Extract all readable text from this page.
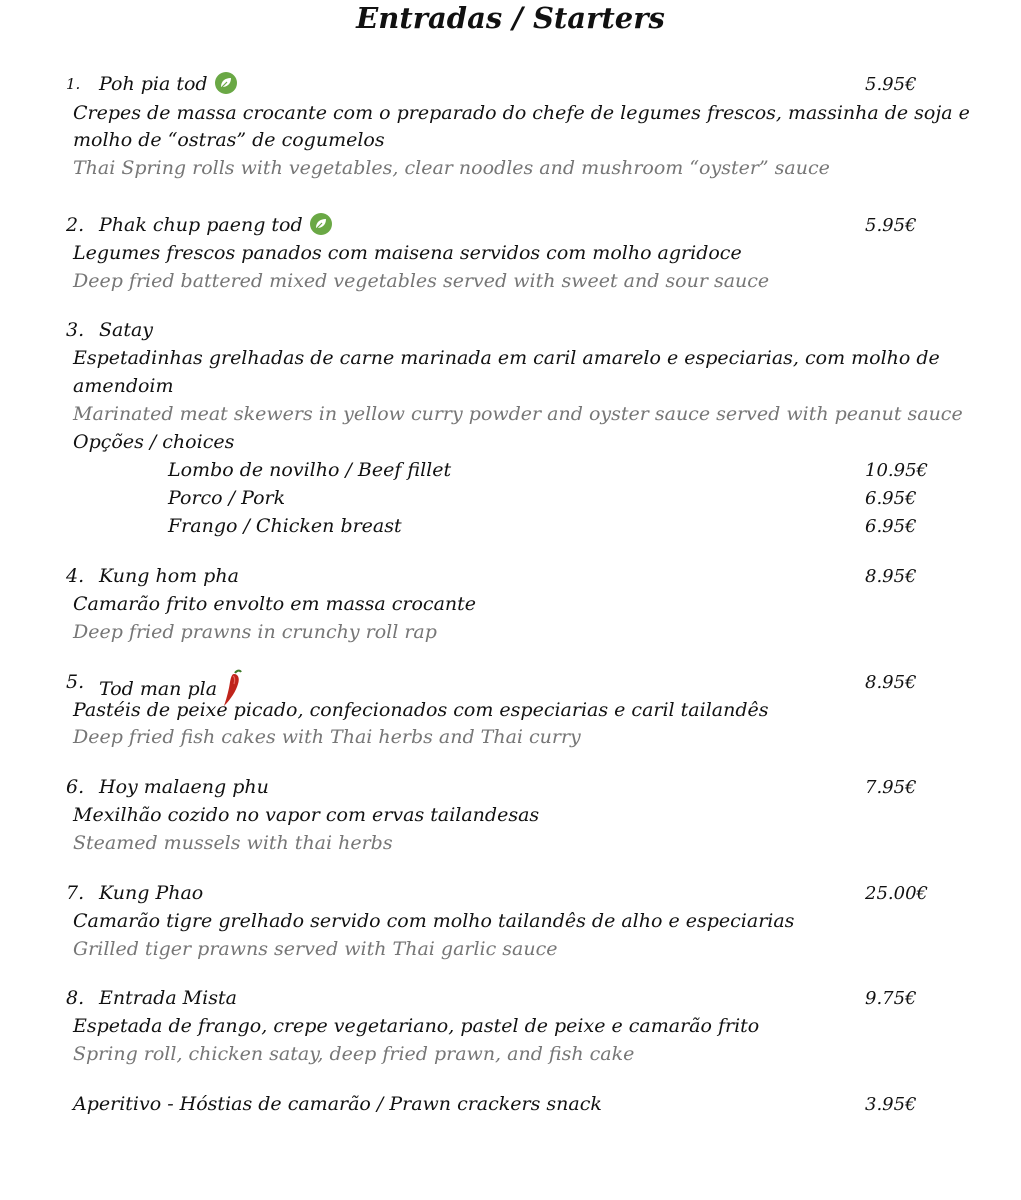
Entradas / Starters
1. Poh pia tod	5.95€
Crepes de massa crocante com o preparado do chefe de legumes frescos, massinha de soja e
molho de “ostras” de cogumelos
Thai Spring rolls with vegetables, clear noodles and mushroom “oyster” sauce
2. Phak chup paeng tod	5.95€
Legumes frescos panados com maisena servidos com molho agridoce
Deep fried battered mixed vegetables served with sweet and sour sauce
3. Satay
Espetadinhas grelhadas de carne marinada em caril amarelo e especiarias, com molho de
amendoim
Marinated meat skewers in yellow curry powder and oyster sauce served with peanut sauce
Opções / choices
Lombo de novilho / Beef fillet	10.95€
Porco / Pork	6.95€
Frango / Chicken breast	6.95€
4. Kung hom pha	8.95€
Camarão frito envolto em massa crocante
Deep fried prawns in crunchy roll rap
5. Tod man pla	8.95€
Pastéis de peixe picado, confecionados com especiarias e caril tailandês
Deep fried fish cakes with Thai herbs and Thai curry
6. Hoy malaeng phu	7.95€
Mexilhão cozido no vapor com ervas tailandesas
Steamed mussels with thai herbs
7. Kung Phao	25.00€
Camarão tigre grelhado servido com molho tailandês de alho e especiarias
Grilled tiger prawns served with Thai garlic sauce
8. Entrada Mista	9.75€
Espetada de frango, crepe vegetariano, pastel de peixe e camarão frito
Spring roll, chicken satay, deep fried prawn, and fish cake
Aperitivo - Hóstias de camarão / Prawn crackers snack	3.95€
